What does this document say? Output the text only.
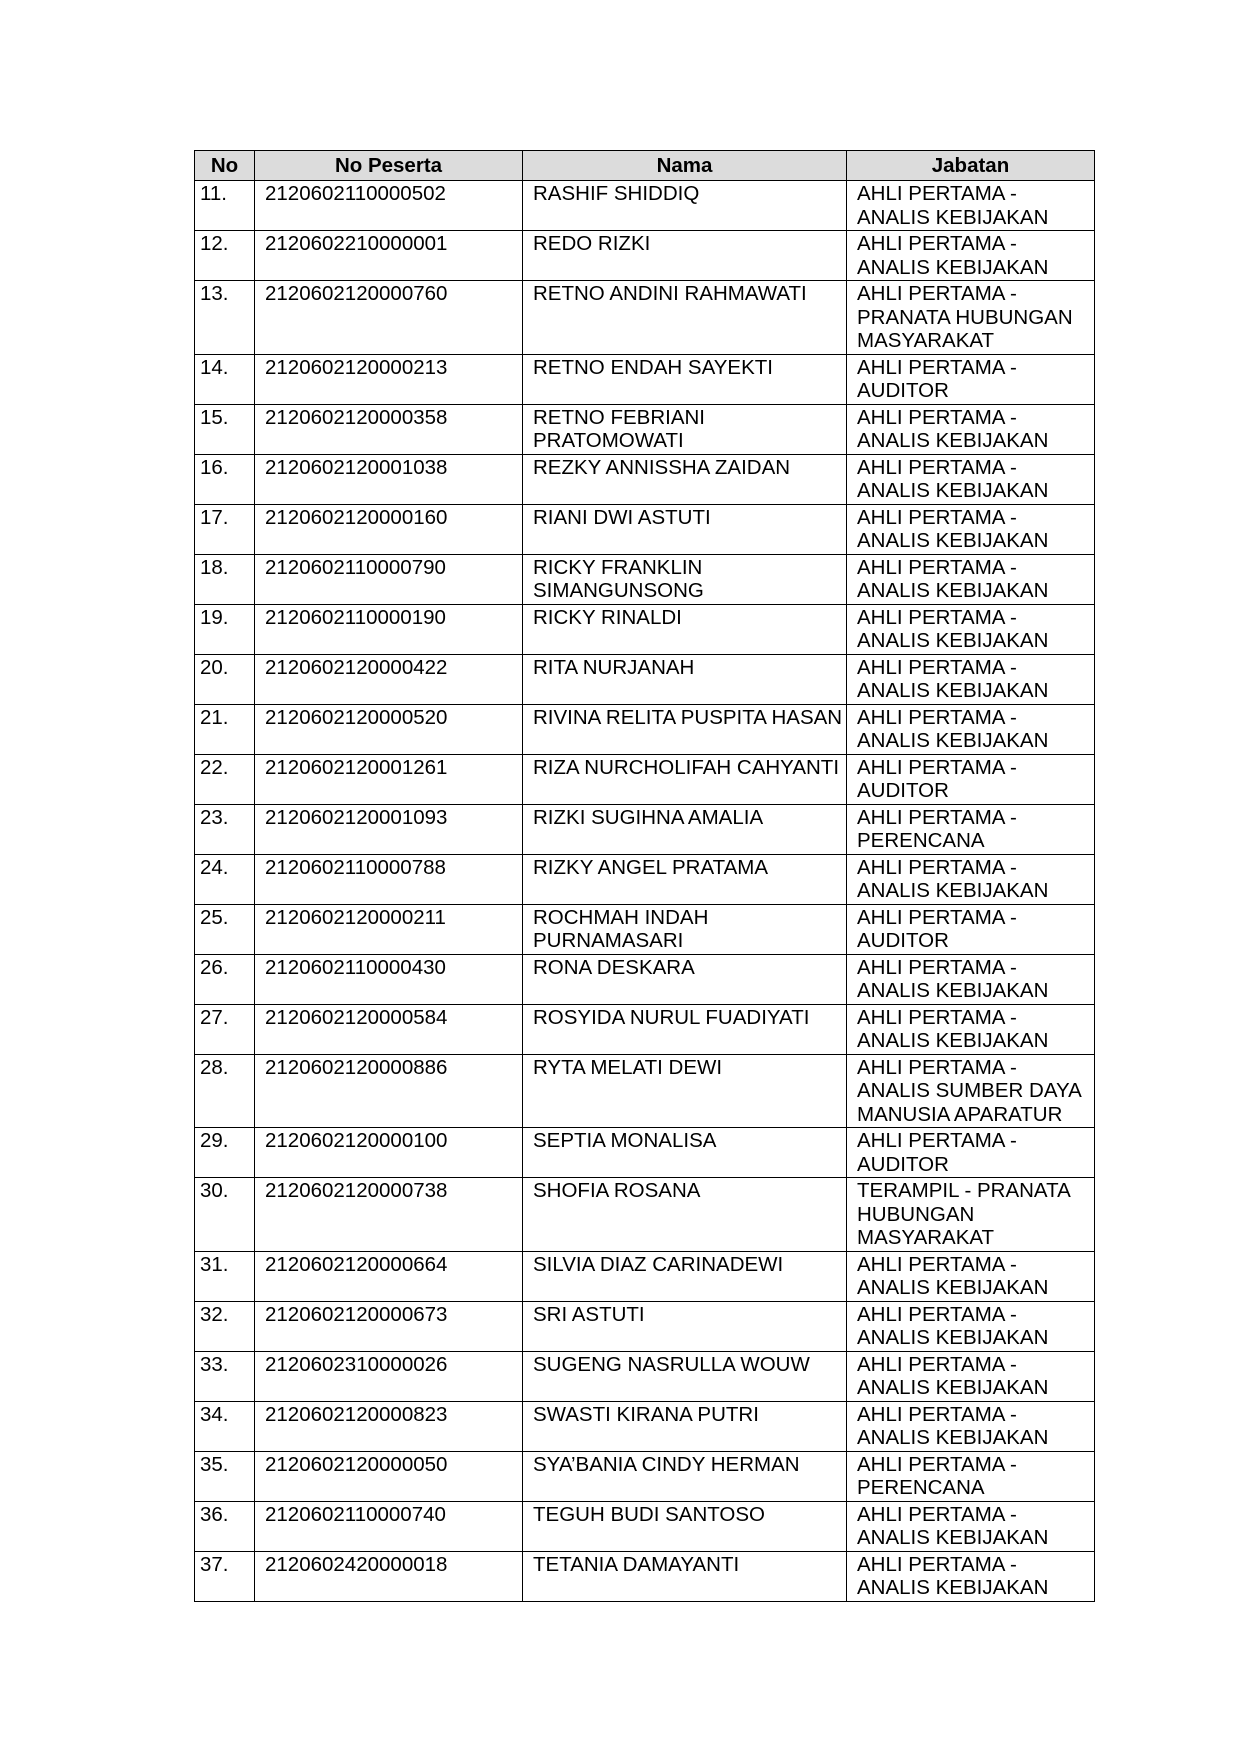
No	No Peserta	Nama	Jabatan
11.	2120602110000502	RASHIF SHIDDIQ	AHLI PERTAMA - ANALIS KEBIJAKAN
12.	2120602210000001	REDO RIZKI	AHLI PERTAMA - ANALIS KEBIJAKAN
13.	2120602120000760	RETNO ANDINI RAHMAWATI	AHLI PERTAMA - PRANATA HUBUNGAN MASYARAKAT
14.	2120602120000213	RETNO ENDAH SAYEKTI	AHLI PERTAMA - AUDITOR
15.	2120602120000358	RETNO FEBRIANI PRATOMOWATI	AHLI PERTAMA - ANALIS KEBIJAKAN
16.	2120602120001038	REZKY ANNISSHA ZAIDAN	AHLI PERTAMA - ANALIS KEBIJAKAN
17.	2120602120000160	RIANI DWI ASTUTI	AHLI PERTAMA - ANALIS KEBIJAKAN
18.	2120602110000790	RICKY FRANKLIN SIMANGUNSONG	AHLI PERTAMA - ANALIS KEBIJAKAN
19.	2120602110000190	RICKY RINALDI	AHLI PERTAMA - ANALIS KEBIJAKAN
20.	2120602120000422	RITA NURJANAH	AHLI PERTAMA - ANALIS KEBIJAKAN
21.	2120602120000520	RIVINA RELITA PUSPITA HASAN	AHLI PERTAMA - ANALIS KEBIJAKAN
22.	2120602120001261	RIZA NURCHOLIFAH CAHYANTI	AHLI PERTAMA - AUDITOR
23.	2120602120001093	RIZKI SUGIHNA AMALIA	AHLI PERTAMA - PERENCANA
24.	2120602110000788	RIZKY ANGEL PRATAMA	AHLI PERTAMA - ANALIS KEBIJAKAN
25.	2120602120000211	ROCHMAH INDAH PURNAMASARI	AHLI PERTAMA - AUDITOR
26.	2120602110000430	RONA DESKARA	AHLI PERTAMA - ANALIS KEBIJAKAN
27.	2120602120000584	ROSYIDA NURUL FUADIYATI	AHLI PERTAMA - ANALIS KEBIJAKAN
28.	2120602120000886	RYTA MELATI DEWI	AHLI PERTAMA - ANALIS SUMBER DAYA MANUSIA APARATUR
29.	2120602120000100	SEPTIA MONALISA	AHLI PERTAMA - AUDITOR
30.	2120602120000738	SHOFIA ROSANA	TERAMPIL - PRANATA HUBUNGAN MASYARAKAT
31.	2120602120000664	SILVIA DIAZ CARINADEWI	AHLI PERTAMA - ANALIS KEBIJAKAN
32.	2120602120000673	SRI ASTUTI	AHLI PERTAMA - ANALIS KEBIJAKAN
33.	2120602310000026	SUGENG NASRULLA WOUW	AHLI PERTAMA - ANALIS KEBIJAKAN
34.	2120602120000823	SWASTI KIRANA PUTRI	AHLI PERTAMA - ANALIS KEBIJAKAN
35.	2120602120000050	SYA’BANIA CINDY HERMAN	AHLI PERTAMA - PERENCANA
36.	2120602110000740	TEGUH BUDI SANTOSO	AHLI PERTAMA - ANALIS KEBIJAKAN
37.	2120602420000018	TETANIA DAMAYANTI	AHLI PERTAMA - ANALIS KEBIJAKAN
